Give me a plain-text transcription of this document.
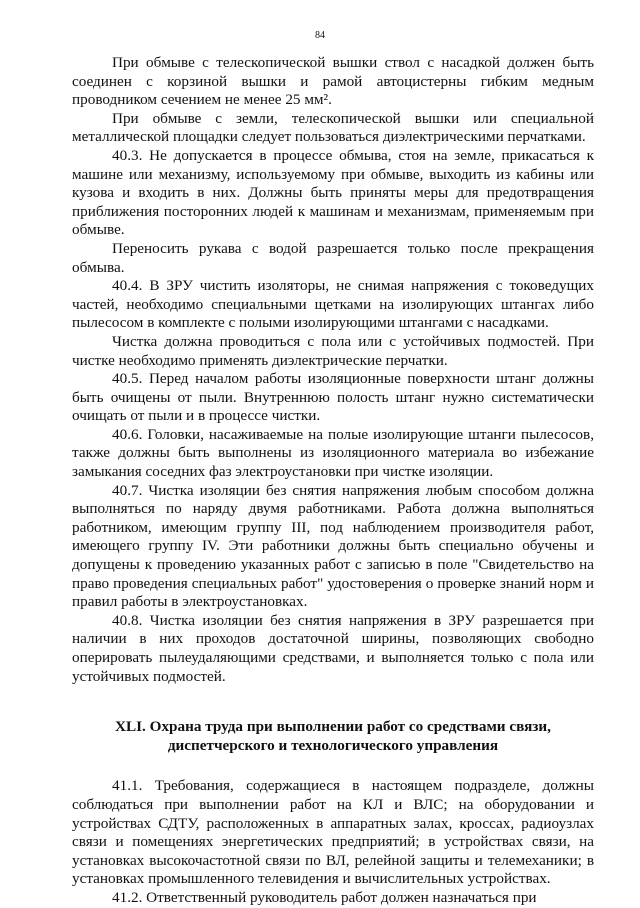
84

При обмыве с телескопической вышки ствол с насадкой должен быть соединен с корзиной вышки и рамой автоцистерны гибким медным проводником сечением не менее 25 мм².

При обмыве с земли, телескопической вышки или специальной металлической площадки следует пользоваться диэлектрическими перчатками.

40.3. Не допускается в процессе обмыва, стоя на земле, прикасаться к машине или механизму, используемому при обмыве, выходить из кабины или кузова и входить в них. Должны быть приняты меры для предотвращения приближения посторонних людей к машинам и механизмам, применяемым при обмыве.

Переносить рукава с водой разрешается только после прекращения обмыва.

40.4. В ЗРУ чистить изоляторы, не снимая напряжения с токоведущих частей, необходимо специальными щетками на изолирующих штангах либо пылесосом в комплекте с полыми изолирующими штангами с насадками.

Чистка должна проводиться с пола или с устойчивых подмостей. При чистке необходимо применять диэлектрические перчатки.

40.5. Перед началом работы изоляционные поверхности штанг должны быть очищены от пыли. Внутреннюю полость штанг нужно систематически очищать от пыли и в процессе чистки.

40.6. Головки, насаживаемые на полые изолирующие штанги пылесосов, также должны быть выполнены из изоляционного материала во избежание замыкания соседних фаз электроустановки при чистке изоляции.

40.7. Чистка изоляции без снятия напряжения любым способом должна выполняться по наряду двумя работниками. Работа должна выполняться работником, имеющим группу III, под наблюдением производителя работ, имеющего группу IV. Эти работники должны быть специально обучены и допущены к проведению указанных работ с записью в поле "Свидетельство на право проведения специальных работ" удостоверения о проверке знаний норм и правил работы в электроустановках.

40.8. Чистка изоляции без снятия напряжения в ЗРУ разрешается при наличии в них проходов достаточной ширины, позволяющих свободно оперировать пылеудаляющими средствами, и выполняется только с пола или устойчивых подмостей.

XLI. Охрана труда при выполнении работ со средствами связи,
диспетчерского и технологического управления

41.1. Требования, содержащиеся в настоящем подразделе, должны соблюдаться при выполнении работ на КЛ и ВЛС; на оборудовании и устройствах СДТУ, расположенных в аппаратных залах, кроссах, радиоузлах связи и помещениях энергетических предприятий; в устройствах связи, на установках высокочастотной связи по ВЛ, релейной защиты и телемеханики; в установках промышленного телевидения и вычислительных устройствах.

41.2. Ответственный руководитель работ должен назначаться при
